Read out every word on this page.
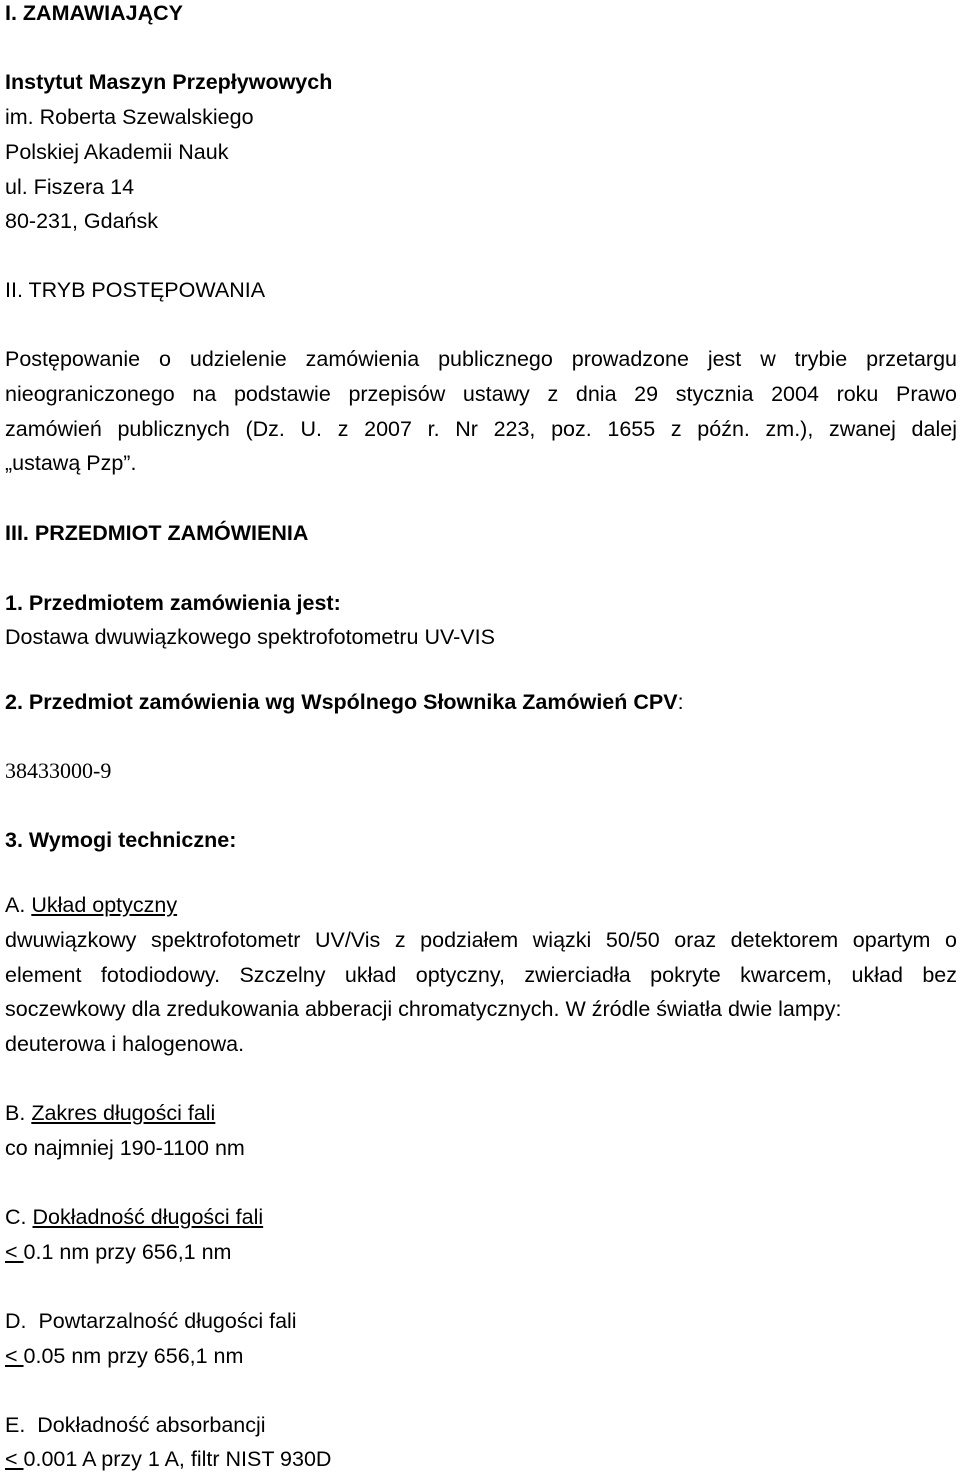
I. ZAMAWIAJĄCY
Instytut Maszyn Przepływowych
im. Roberta Szewalskiego
Polskiej Akademii Nauk
ul. Fiszera 14
80-231, Gdańsk
II. TRYB POSTĘPOWANIA
Postępowanie o udzielenie zamówienia publicznego prowadzone jest w trybie przetargu
nieograniczonego na podstawie przepisów ustawy z dnia 29 stycznia 2004 roku Prawo
zamówień publicznych (Dz. U. z 2007 r. Nr 223, poz. 1655 z późn. zm.), zwanej dalej
„ustawą Pzp”.
III. PRZEDMIOT ZAMÓWIENIA
1. Przedmiotem zamówienia jest:
Dostawa dwuwiązkowego spektrofotometru UV-VIS
2. Przedmiot zamówienia wg Wspólnego Słownika Zamówień CPV:
38433000-9
3. Wymogi techniczne:
A. Układ optyczny
dwuwiązkowy spektrofotometr UV/Vis z podziałem wiązki 50/50 oraz detektorem opartym o
element fotodiodowy. Szczelny układ optyczny, zwierciadła pokryte kwarcem, układ bez
soczewkowy dla zredukowania abberacji chromatycznych. W źródle światła dwie lampy:
deuterowa i halogenowa.
B. Zakres długości fali
co najmniej 190-1100 nm
C. Dokładność długości fali
< 0.1 nm przy 656,1 nm
D. Powtarzalność długości fali
< 0.05 nm przy 656,1 nm
E. Dokładność absorbancji
< 0.001 A przy 1 A, filtr NIST 930D
